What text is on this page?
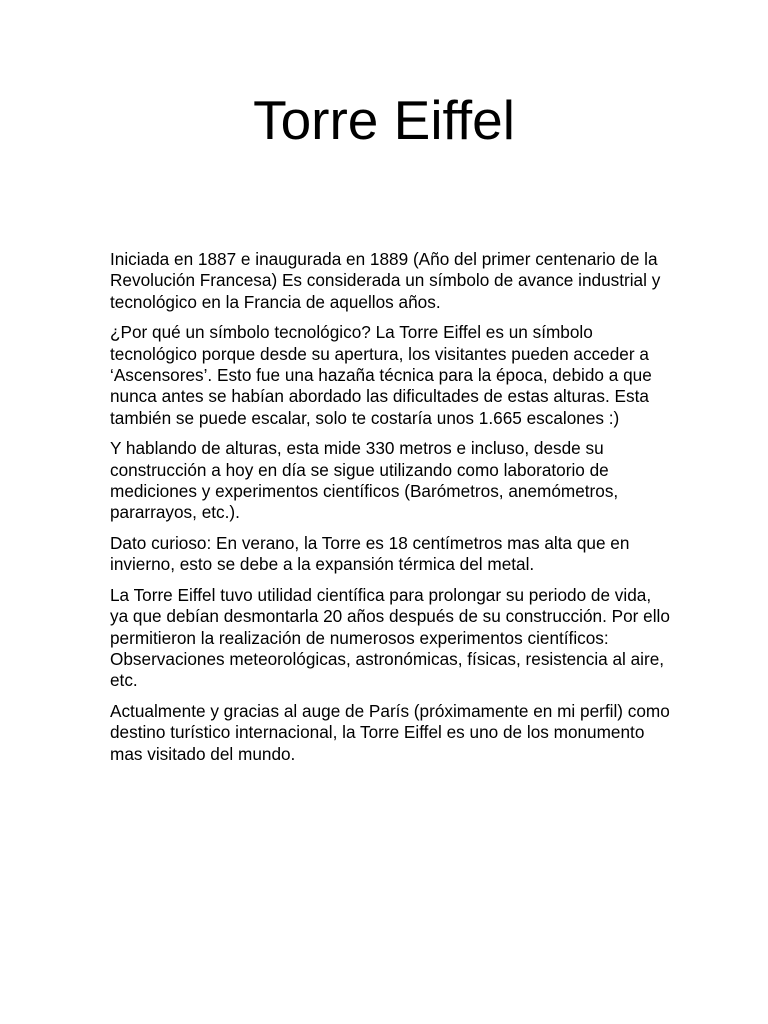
Torre Eiffel

Iniciada en 1887 e inaugurada en 1889 (Año del primer centenario de la Revolución Francesa) Es considerada un símbolo de avance industrial y tecnológico en la Francia de aquellos años.

¿Por qué un símbolo tecnológico? La Torre Eiffel es un símbolo tecnológico porque desde su apertura, los visitantes pueden acceder a ‘Ascensores’. Esto fue una hazaña técnica para la época, debido a que nunca antes se habían abordado las dificultades de estas alturas. Esta también se puede escalar, solo te costaría unos 1.665 escalones :)

Y hablando de alturas, esta mide 330 metros e incluso, desde su construcción a hoy en día se sigue utilizando como laboratorio de mediciones y experimentos científicos (Barómetros, anemómetros, pararrayos, etc.).

Dato curioso: En verano, la Torre es 18 centímetros mas alta que en invierno, esto se debe a la expansión térmica del metal.

La Torre Eiffel tuvo utilidad científica para prolongar su periodo de vida, ya que debían desmontarla 20 años después de su construcción. Por ello permitieron la realización de numerosos experimentos científicos: Observaciones meteorológicas, astronómicas, físicas, resistencia al aire, etc.

Actualmente y gracias al auge de París (próximamente en mi perfil) como destino turístico internacional, la Torre Eiffel es uno de los monumento mas visitado del mundo.
